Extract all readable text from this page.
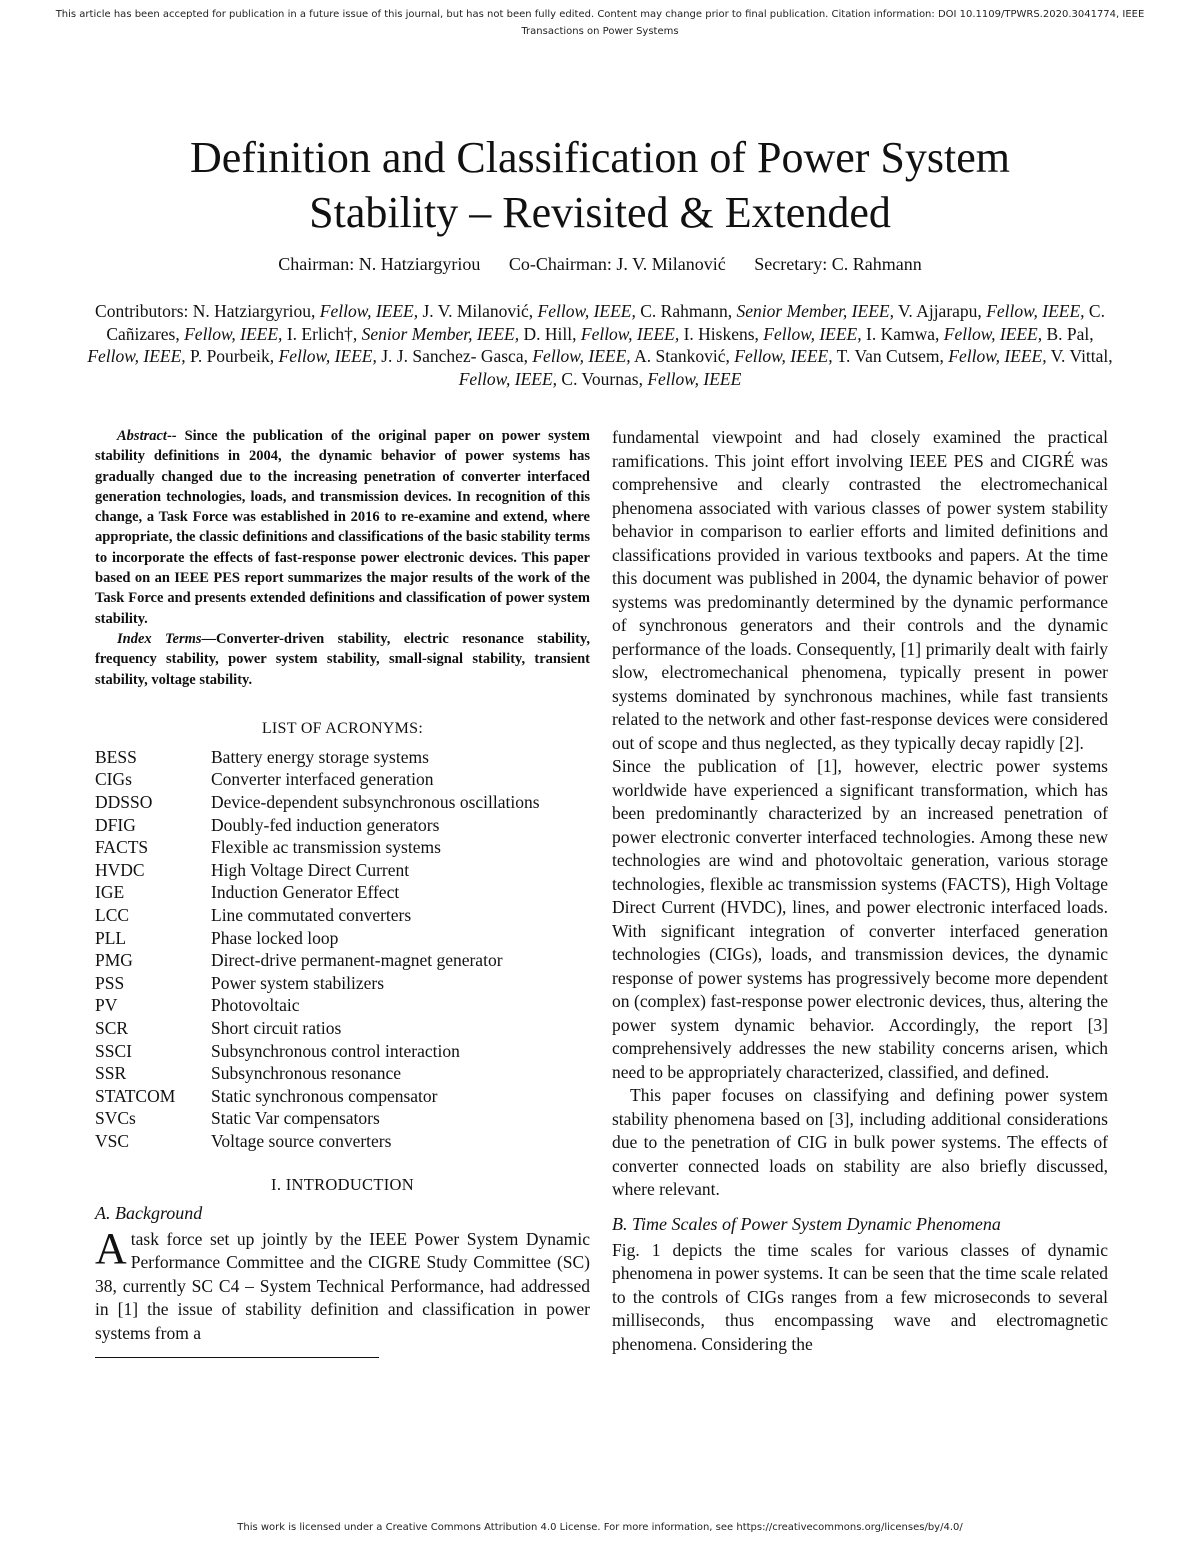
This article has been accepted for publication in a future issue of this journal, but has not been fully edited. Content may change prior to final publication. Citation information: DOI 10.1109/TPWRS.2020.3041774, IEEE
Transactions on Power Systems
Definition and Classification of Power System
Stability – Revisited & Extended
Chairman: N. Hatziargyriou Co-Chairman: J. V. Milanović Secretary: C. Rahmann
Contributors: N. Hatziargyriou, Fellow, IEEE, J. V. Milanović, Fellow, IEEE, C. Rahmann, Senior Member, IEEE, V. Ajjarapu, Fellow, IEEE, C. Cañizares, Fellow, IEEE, I. Erlich†, Senior Member, IEEE, D. Hill, Fellow, IEEE, I. Hiskens, Fellow, IEEE, I. Kamwa, Fellow, IEEE, B. Pal, Fellow, IEEE, P. Pourbeik, Fellow, IEEE, J. J. Sanchez- Gasca, Fellow, IEEE, A. Stanković, Fellow, IEEE, T. Van Cutsem, Fellow, IEEE, V. Vittal, Fellow, IEEE, C. Vournas, Fellow, IEEE

Abstract-- Since the publication of the original paper on power system stability definitions in 2004, the dynamic behavior of power systems has gradually changed due to the increasing penetration of converter interfaced generation technologies, loads, and transmission devices. In recognition of this change, a Task Force was established in 2016 to re-examine and extend, where appropriate, the classic definitions and classifications of the basic stability terms to incorporate the effects of fast-response power electronic devices. This paper based on an IEEE PES report summarizes the major results of the work of the Task Force and presents extended definitions and classification of power system stability.

Index Terms—Converter-driven stability, electric resonance stability, frequency stability, power system stability, small-signal stability, transient stability, voltage stability.

LIST OF ACRONYMS:
BESS	Battery energy storage systems
CIGs	Converter interfaced generation
DDSSO	Device-dependent subsynchronous oscillations
DFIG	Doubly-fed induction generators
FACTS	Flexible ac transmission systems
HVDC	High Voltage Direct Current
IGE	Induction Generator Effect
LCC	Line commutated converters
PLL	Phase locked loop
PMG	Direct-drive permanent-magnet generator
PSS	Power system stabilizers
PV	Photovoltaic
SCR	Short circuit ratios
SSCI	Subsynchronous control interaction
SSR	Subsynchronous resonance
STATCOM	Static synchronous compensator
SVCs	Static Var compensators
VSC	Voltage source converters
I. INTRODUCTION
A. Background

Atask force set up jointly by the IEEE Power System Dynamic Performance Committee and the CIGRE Study Committee (SC) 38, currently SC C4 – System Technical Performance, had addressed in [1] the issue of stability definition and classification in power systems from a

fundamental viewpoint and had closely examined the practical ramifications. This joint effort involving IEEE PES and CIGRÉ was comprehensive and clearly contrasted the electromechanical phenomena associated with various classes of power system stability behavior in comparison to earlier efforts and limited definitions and classifications provided in various textbooks and papers. At the time this document was published in 2004, the dynamic behavior of power systems was predominantly determined by the dynamic performance of synchronous generators and their controls and the dynamic performance of the loads. Consequently, [1] primarily dealt with fairly slow, electromechanical phenomena, typically present in power systems dominated by synchronous machines, while fast transients related to the network and other fast-response devices were considered out of scope and thus neglected, as they typically decay rapidly [2].

Since the publication of [1], however, electric power systems worldwide have experienced a significant transformation, which has been predominantly characterized by an increased penetration of power electronic converter interfaced technologies. Among these new technologies are wind and photovoltaic generation, various storage technologies, flexible ac transmission systems (FACTS), High Voltage Direct Current (HVDC), lines, and power electronic interfaced loads. With significant integration of converter interfaced generation technologies (CIGs), loads, and transmission devices, the dynamic response of power systems has progressively become more dependent on (complex) fast-response power electronic devices, thus, altering the power system dynamic behavior. Accordingly, the report [3] comprehensively addresses the new stability concerns arisen, which need to be appropriately characterized, classified, and defined.

This paper focuses on classifying and defining power system stability phenomena based on [3], including additional considerations due to the penetration of CIG in bulk power systems. The effects of converter connected loads on stability are also briefly discussed, where relevant.

B. Time Scales of Power System Dynamic Phenomena

Fig. 1 depicts the time scales for various classes of dynamic phenomena in power systems. It can be seen that the time scale related to the controls of CIGs ranges from a few microseconds to several milliseconds, thus encompassing wave and electromagnetic phenomena. Considering the

This work is licensed under a Creative Commons Attribution 4.0 License. For more information, see https://creativecommons.org/licenses/by/4.0/
